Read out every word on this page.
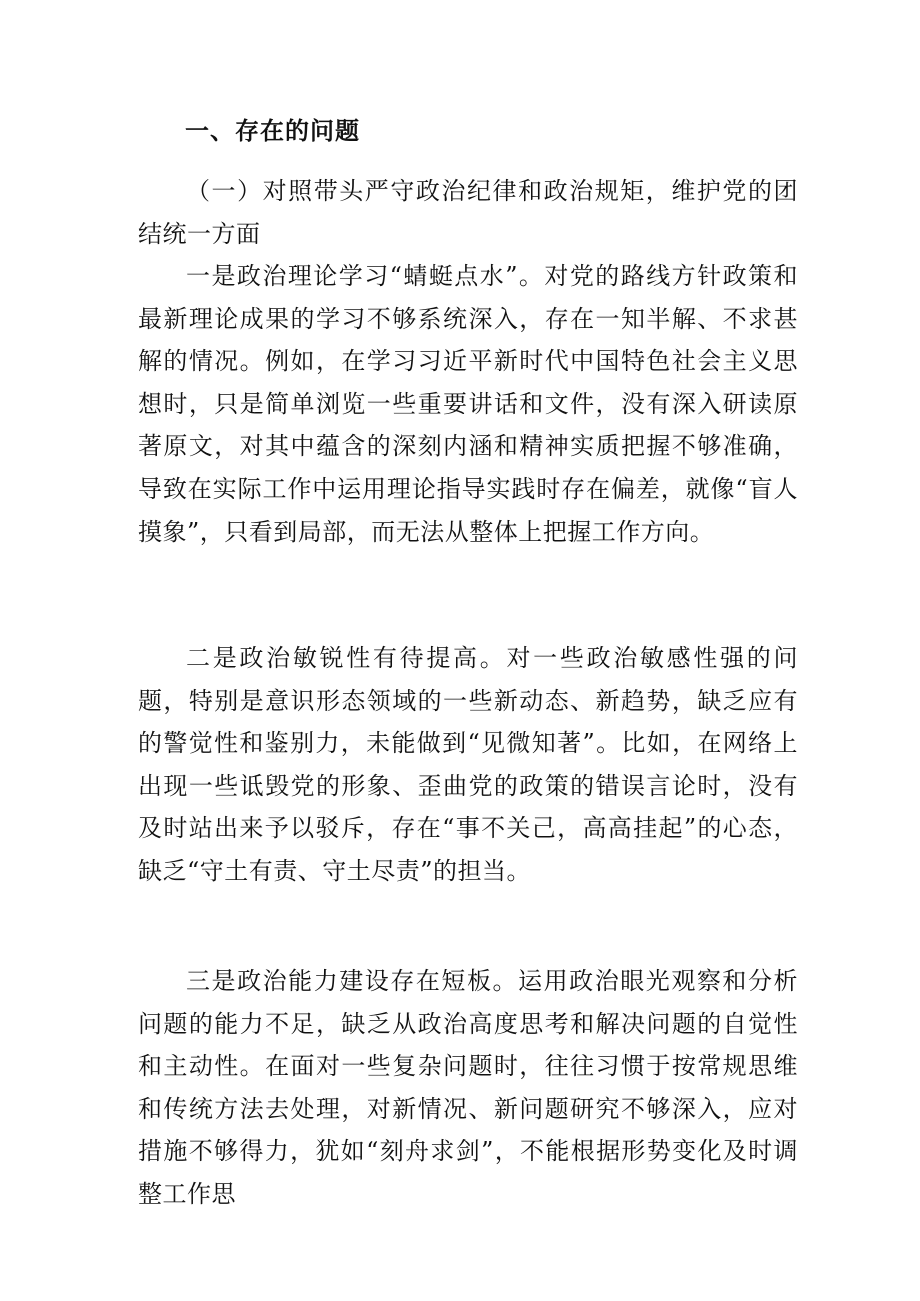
一、存在的问题

（一）对照带头严守政治纪律和政治规矩，维护党的团结统一方面

一是政治理论学习“蜻蜓点水”。对党的路线方针政策和最新理论成果的学习不够系统深入，存在一知半解、不求甚解的情况。例如，在学习习近平新时代中国特色社会主义思想时，只是简单浏览一些重要讲话和文件，没有深入研读原著原文，对其中蕴含的深刻内涵和精神实质把握不够准确，导致在实际工作中运用理论指导实践时存在偏差，就像“盲人摸象”，只看到局部，而无法从整体上把握工作方向。

二是政治敏锐性有待提高。对一些政治敏感性强的问题，特别是意识形态领域的一些新动态、新趋势，缺乏应有的警觉性和鉴别力，未能做到“见微知著”。比如，在网络上出现一些诋毁党的形象、歪曲党的政策的错误言论时，没有及时站出来予以驳斥，存在“事不关己，高高挂起”的心态，缺乏“守土有责、守土尽责”的担当。

三是政治能力建设存在短板。运用政治眼光观察和分析问题的能力不足，缺乏从政治高度思考和解决问题的自觉性和主动性。在面对一些复杂问题时，往往习惯于按常规思维和传统方法去处理，对新情况、新问题研究不够深入，应对措施不够得力，犹如“刻舟求剑”，不能根据形势变化及时调整工作思
